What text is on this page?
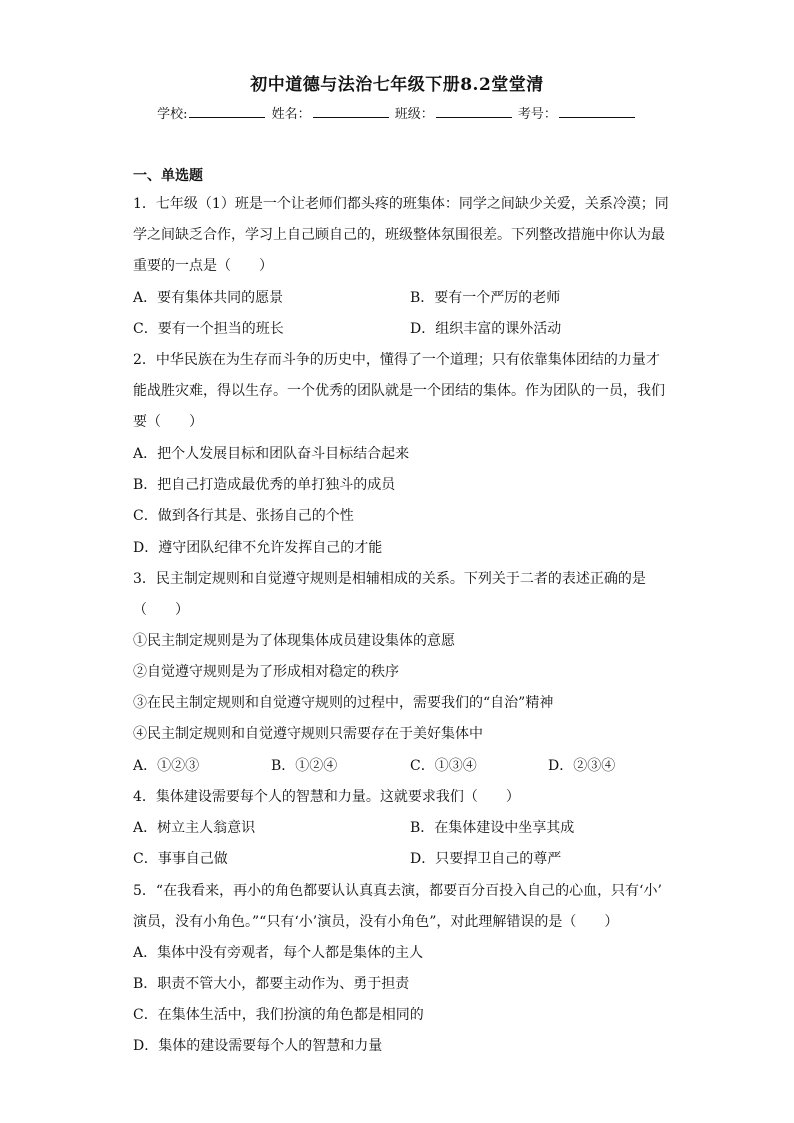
初中道德与法治七年级下册8.2堂堂清
学校:	姓名：	班级：	考号：
一、单选题
1．七年级（1）班是一个让老师们都头疼的班集体：同学之间缺少关爱，关系冷漠；同
学之间缺乏合作，学习上自己顾自己的，班级整体氛围很差。下列整改措施中你认为最
重要的一点是（　　）
A．要有集体共同的愿景	B．要有一个严厉的老师
C．要有一个担当的班长	D．组织丰富的课外活动
2．中华民族在为生存而斗争的历史中，懂得了一个道理；只有依靠集体团结的力量才
能战胜灾难，得以生存。一个优秀的团队就是一个团结的集体。作为团队的一员，我们
要（　　）
A．把个人发展目标和团队奋斗目标结合起来
B．把自己打造成最优秀的单打独斗的成员
C．做到各行其是、张扬自己的个性
D．遵守团队纪律不允许发挥自己的才能
3．民主制定规则和自觉遵守规则是相辅相成的关系。下列关于二者的表述正确的是
（　　）
①民主制定规则是为了体现集体成员建设集体的意愿
②自觉遵守规则是为了形成相对稳定的秩序
③在民主制定规则和自觉遵守规则的过程中，需要我们的“自治”精神
④民主制定规则和自觉遵守规则只需要存在于美好集体中
A．①②③	B．①②④	C．①③④	D．②③④
4．集体建设需要每个人的智慧和力量。这就要求我们（　　）
A．树立主人翁意识	B．在集体建设中坐享其成
C．事事自己做	D．只要捍卫自己的尊严
5．“在我看来，再小的角色都要认认真真去演，都要百分百投入自己的心血，只有‘小’
演员，没有小角色。”“只有‘小’演员，没有小角色”，对此理解错误的是（　　）
A．集体中没有旁观者，每个人都是集体的主人
B．职责不管大小，都要主动作为、勇于担责
C．在集体生活中，我们扮演的角色都是相同的
D．集体的建设需要每个人的智慧和力量
